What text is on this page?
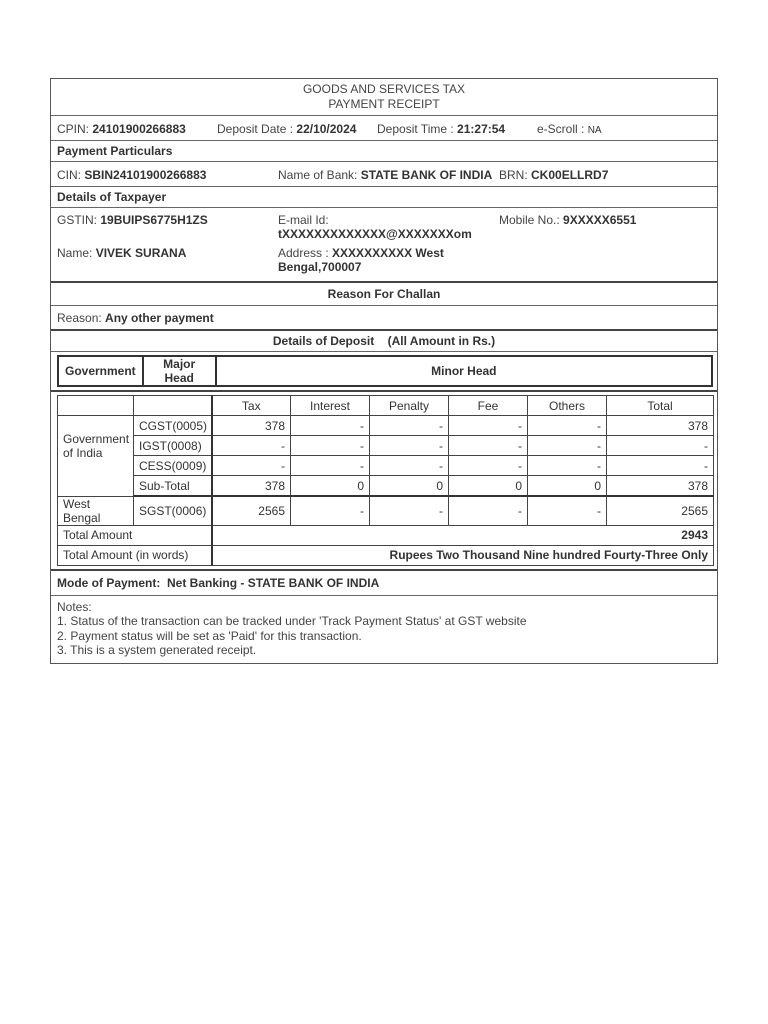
GOODS AND SERVICES TAX
PAYMENT RECEIPT
CPIN: 24101900266883	Deposit Date : 22/10/2024	Deposit Time : 21:27:54	e-Scroll : NA
Payment Particulars
CIN: SBIN24101900266883	Name of Bank: STATE BANK OF INDIA BRN: CK00ELLRD7
Details of Taxpayer
GSTIN: 19BUIPS6775H1ZS	E-mail Id:
tXXXXXXXXXXXXX@XXXXXXXom
Mobile No.: 9XXXXX6551
Name: VIVEK SURANA	Address : XXXXXXXXXX West
Bengal,700007
Reason For Challan
Reason: Any other payment
Details of Deposit (All Amount in Rs.)
Government	Major Head	Minor Head
		Tax	Interest	Penalty	Fee	Others	Total
Government of India	CGST(0005)	378	-	-	-	-	378
	IGST(0008)	-	-	-	-	-	-
	CESS(0009)	-	-	-	-	-	-
	Sub-Total	378	0	0	0	0	378
West Bengal	SGST(0006)	2565	-	-	-	-	2565
Total Amount		2943					
Total Amount (in words)		Rupees Two Thousand Nine hundred Fourty-Three Only					
Mode of Payment: Net Banking - STATE BANK OF INDIA
Notes:
1. Status of the transaction can be tracked under 'Track Payment Status' at GST website
2. Payment status will be set as 'Paid' for this transaction.
3. This is a system generated receipt.
